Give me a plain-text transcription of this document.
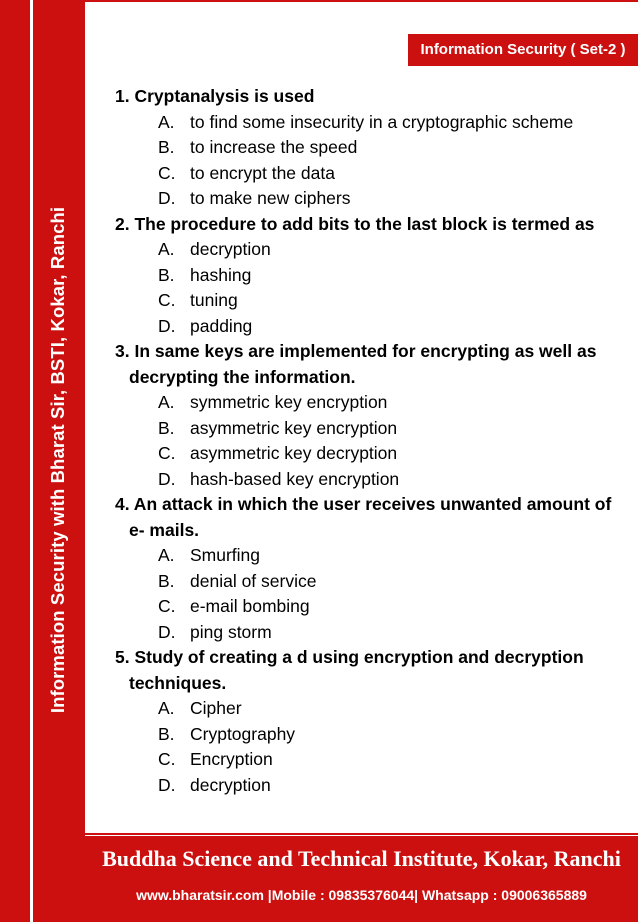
Information Security with Bharat Sir, BSTI, Kokar, Ranchi
Information Security ( Set-2 )
1. Cryptanalysis is used
A. to find some insecurity in a cryptographic scheme
B. to increase the speed
C. to encrypt the data
D. to make new ciphers
2. The procedure to add bits to the last block is termed as
A. decryption
B. hashing
C. tuning
D. padding
3. In same keys are implemented for encrypting as well as decrypting the information.
A. symmetric key encryption
B. asymmetric key encryption
C. asymmetric key decryption
D. hash-based key encryption
4. An attack in which the user receives unwanted amount of e- mails.
A. Smurfing
B. denial of service
C. e-mail bombing
D. ping storm
5. Study of creating a d using encryption and decryption techniques.
A. Cipher
B. Cryptography
C. Encryption
D. decryption
Buddha Science and Technical Institute, Kokar, Ranchi
www.bharatsir.com |Mobile : 09835376044| Whatsapp : 09006365889
